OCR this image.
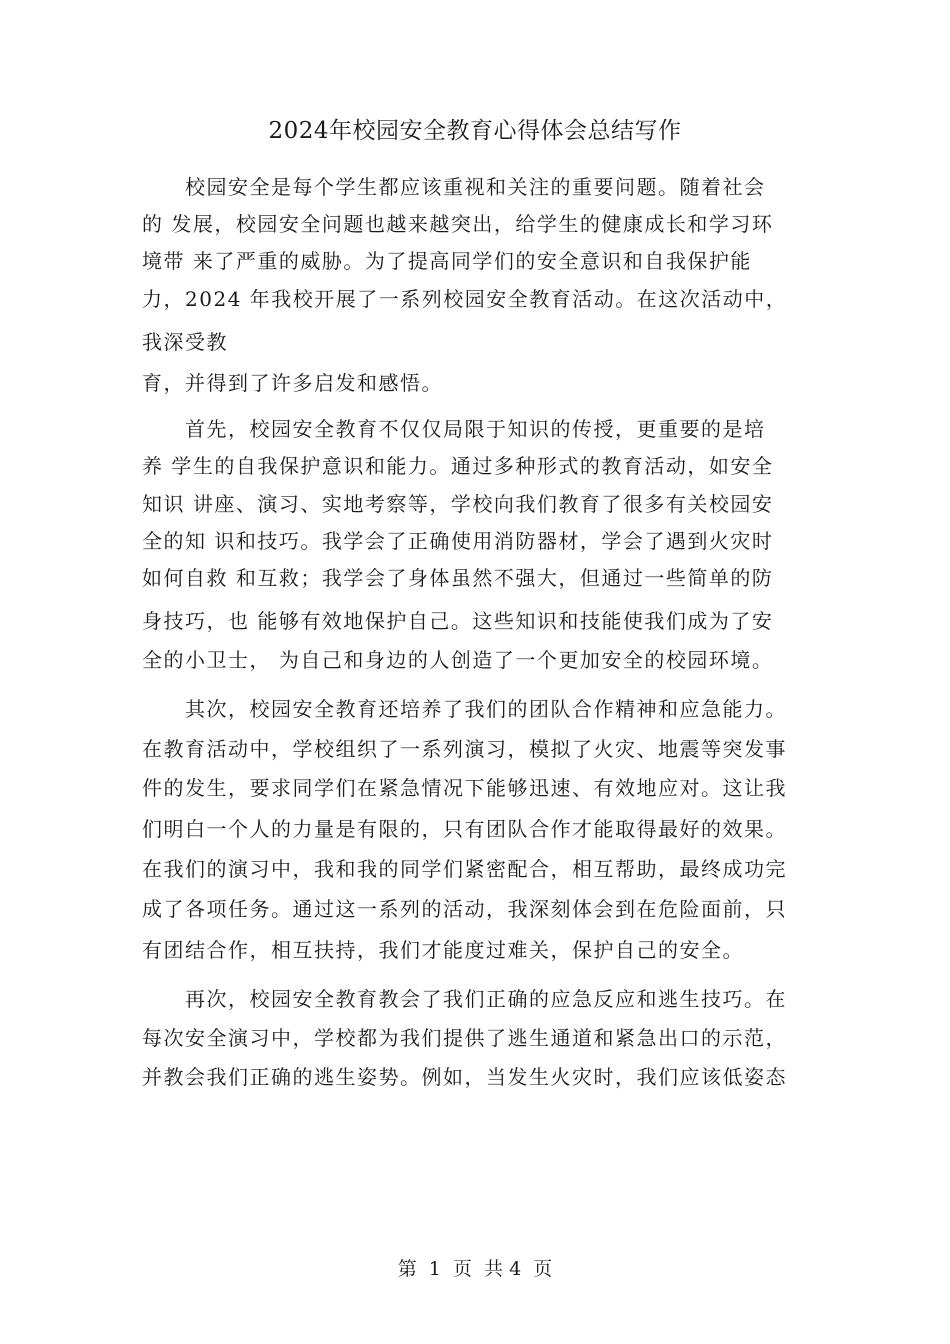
2024年校园安全教育心得体会总结写作
　　校园安全是每个学生都应该重视和关注的重要问题。随着社会
的 发展，校园安全问题也越来越突出，给学生的健康成长和学习环
境带 来了严重的威胁。为了提高同学们的安全意识和自我保护能
力，2024 年我校开展了一系列校园安全教育活动。在这次活动中，
我深受教
育，并得到了许多启发和感悟。
　　首先，校园安全教育不仅仅局限于知识的传授，更重要的是培
养 学生的自我保护意识和能力。通过多种形式的教育活动，如安全
知识 讲座、演习、实地考察等，学校向我们教育了很多有关校园安
全的知 识和技巧。我学会了正确使用消防器材，学会了遇到火灾时
如何自救 和互救；我学会了身体虽然不强大，但通过一些简单的防
身技巧，也 能够有效地保护自己。这些知识和技能使我们成为了安
全的小卫士， 为自己和身边的人创造了一个更加安全的校园环境。
　　其次，校园安全教育还培养了我们的团队合作精神和应急能力。
在教育活动中，学校组织了一系列演习，模拟了火灾、地震等突发事
件的发生，要求同学们在紧急情况下能够迅速、有效地应对。这让我
们明白一个人的力量是有限的，只有团队合作才能取得最好的效果。
在我们的演习中，我和我的同学们紧密配合，相互帮助，最终成功完
成了各项任务。通过这一系列的活动，我深刻体会到在危险面前，只
有团结合作，相互扶持，我们才能度过难关，保护自己的安全。
　　再次，校园安全教育教会了我们正确的应急反应和逃生技巧。在
每次安全演习中，学校都为我们提供了逃生通道和紧急出口的示范，
并教会我们正确的逃生姿势。例如，当发生火灾时，我们应该低姿态
第  1  页  共 4  页
